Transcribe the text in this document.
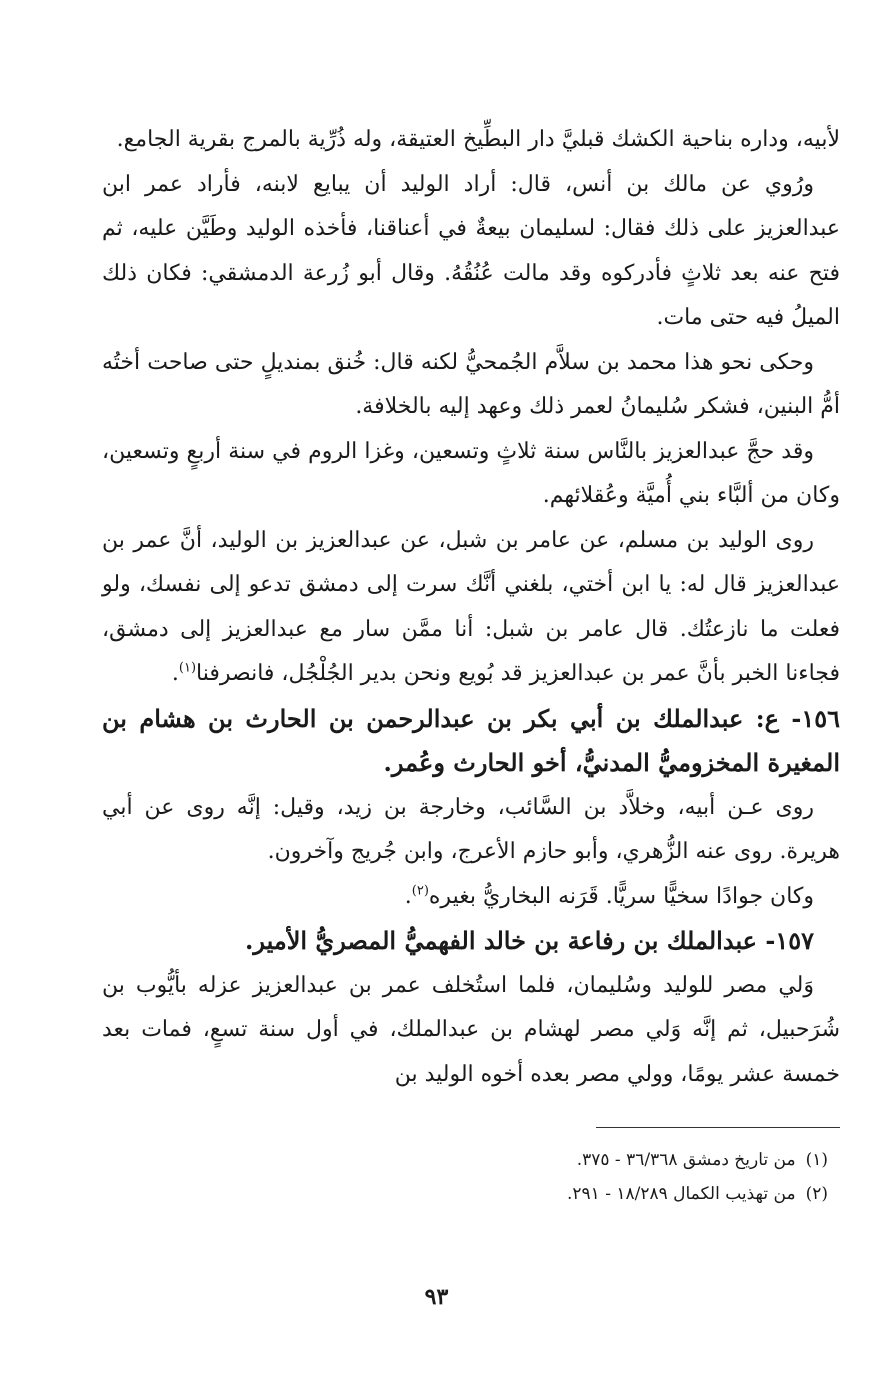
لأبيه، وداره بناحية الكشك قبليَّ دار البطِّيخ العتيقة، وله ذُرِّية بالمرج بقرية الجامع.

ورُوي عن مالك بن أنس، قال: أراد الوليد أن يبايع لابنه، فأراد عمر ابن عبدالعزيز على ذلك فقال: لسليمان بيعةٌ في أعناقنا، فأخذه الوليد وطَيَّن عليه، ثم فتح عنه بعد ثلاثٍ فأدركوه وقد مالت عُنُقُهُ. وقال أبو زُرعة الدمشقي: فكان ذلك الميلُ فيه حتى مات.

وحكى نحو هذا محمد بن سلاَّم الجُمحيُّ لكنه قال: خُنق بمنديلٍ حتى صاحت أختُه أمُّ البنين، فشكر سُليمانُ لعمر ذلك وعهد إليه بالخلافة.

وقد حجَّ عبدالعزيز بالنَّاس سنة ثلاثٍ وتسعين، وغزا الروم في سنة أربعٍ وتسعين، وكان من ألبَّاء بني أُميَّة وعُقلائهم.

روى الوليد بن مسلم، عن عامر بن شبل، عن عبدالعزيز بن الوليد، أنَّ عمر بن عبدالعزيز قال له: يا ابن أختي، بلغني أنَّك سرت إلى دمشق تدعو إلى نفسك، ولو فعلت ما نازعتُك. قال عامر بن شبل: أنا ممَّن سار مع عبدالعزيز إلى دمشق، فجاءنا الخبر بأنَّ عمر بن عبدالعزيز قد بُويع ونحن بدير الجُلْجُل، فانصرفنا$^{(١)}$.

١٥٦- ع: عبدالملك بن أبي بكر بن عبدالرحمن بن الحارث بن هشام بن المغيرة المخزوميُّ المدنيُّ، أخو الحارث وعُمر.

روى عـن أبيه، وخلاَّد بن السَّائب، وخارجة بن زيد، وقيل: إنَّه روى عن أبي هريرة. روى عنه الزُّهري، وأبو حازم الأعرج، وابن جُريج وآخرون.

وكان جوادًا سخيًّا سريًّا. قَرَنه البخاريُّ بغيره$^{(٢)}$.

١٥٧- عبدالملك بن رفاعة بن خالد الفهميُّ المصريُّ الأمير.

وَلي مصر للوليد وسُليمان، فلما استُخلف عمر بن عبدالعزيز عزله بأيُّوب بن شُرَحبيل، ثم إنَّه وَلي مصر لهشام بن عبدالملك، في أول سنة تسعٍ، فمات بعد خمسة عشر يومًا، وولي مصر بعده أخوه الوليد بن

(١)من تاريخ دمشق ٣٦/٣٦٨ - ٣٧٥.
(٢)من تهذيب الكمال ١٨/٢٨٩ - ٢٩١.
٩٣
